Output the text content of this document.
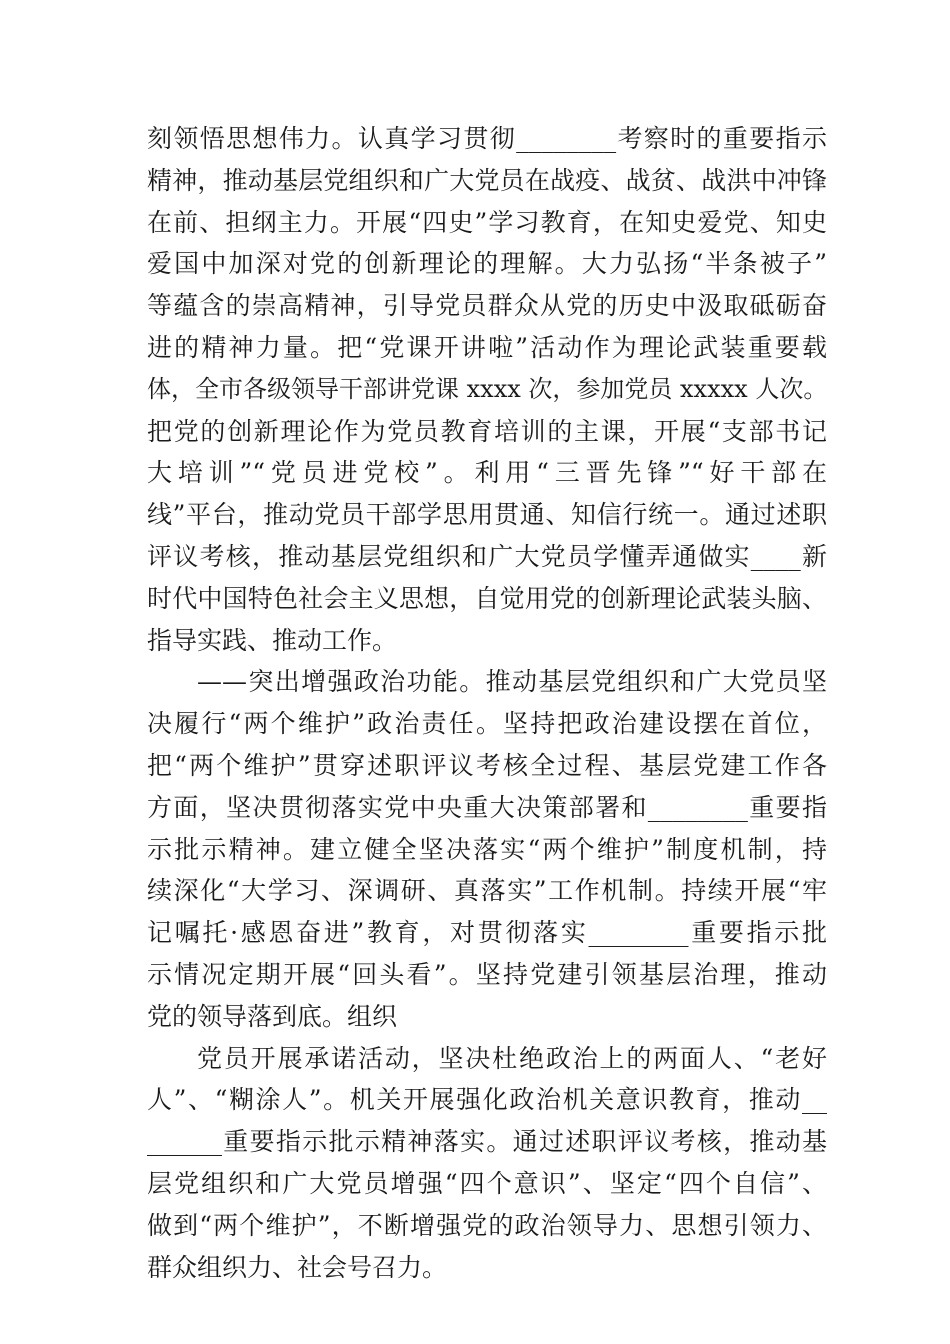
刻领悟思想伟力。认真学习贯彻________考察时的重要指示
精神，推动基层党组织和广大党员在战疫、战贫、战洪中冲锋
在前、担纲主力。开展“四史”学习教育，在知史爱党、知史
爱国中加深对党的创新理论的理解。大力弘扬“半条被子”
等蕴含的崇高精神，引导党员群众从党的历史中汲取砥砺奋
进的精神力量。把“党课开讲啦”活动作为理论武装重要载
体，全市各级领导干部讲党课 xxxx 次，参加党员 xxxxx 人次。
把党的创新理论作为党员教育培训的主课，开展“支部书记
大培训”“党员进党校”。利用“三晋先锋”“好干部在
线”平台，推动党员干部学思用贯通、知信行统一。通过述职
评议考核，推动基层党组织和广大党员学懂弄通做实____新
时代中国特色社会主义思想，自觉用党的创新理论武装头脑、
指导实践、推动工作。
——突出增强政治功能。推动基层党组织和广大党员坚
决履行“两个维护”政治责任。坚持把政治建设摆在首位，
把“两个维护”贯穿述职评议考核全过程、基层党建工作各
方面，坚决贯彻落实党中央重大决策部署和________重要指
示批示精神。建立健全坚决落实“两个维护”制度机制，持
续深化“大学习、深调研、真落实”工作机制。持续开展“牢
记嘱托·感恩奋进”教育，对贯彻落实________重要指示批
示情况定期开展“回头看”。坚持党建引领基层治理，推动
党的领导落到底。组织
党员开展承诺活动，坚决杜绝政治上的两面人、“老好
人”、“糊涂人”。机关开展强化政治机关意识教育，推动__
______重要指示批示精神落实。通过述职评议考核，推动基
层党组织和广大党员增强“四个意识”、坚定“四个自信”、
做到“两个维护”，不断增强党的政治领导力、思想引领力、
群众组织力、社会号召力。
